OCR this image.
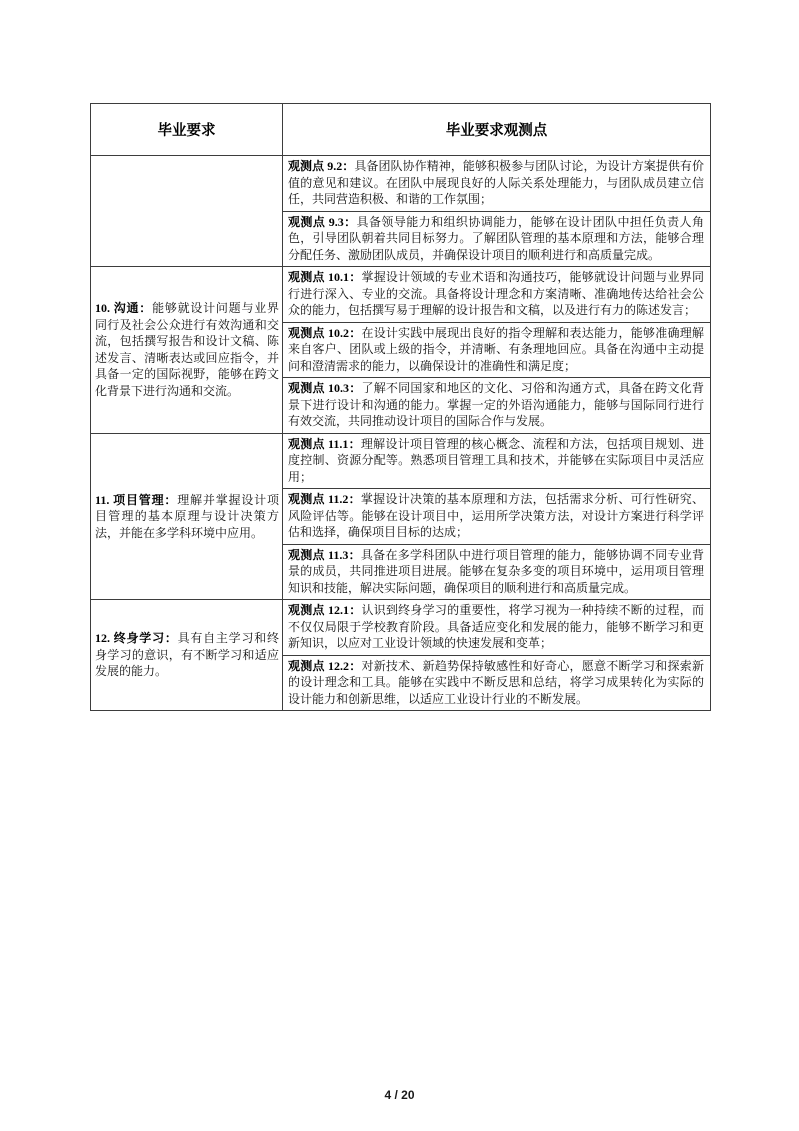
毕业要求	毕业要求观测点
	观测点 9.2：具备团队协作精神，能够积极参与团队讨论，为设计方案提供有价值的意见和建议。在团队中展现良好的人际关系处理能力，与团队成员建立信任，共同营造积极、和谐的工作氛围；
	观测点 9.3：具备领导能力和组织协调能力，能够在设计团队中担任负责人角色，引导团队朝着共同目标努力。了解团队管理的基本原理和方法，能够合理分配任务、激励团队成员，并确保设计项目的顺利进行和高质量完成。
10. 沟通：能够就设计问题与业界同行及社会公众进行有效沟通和交流，包括撰写报告和设计文稿、陈述发言、清晰表达或回应指令，并具备一定的国际视野，能够在跨文化背景下进行沟通和交流。	观测点 10.1：掌握设计领域的专业术语和沟通技巧，能够就设计问题与业界同行进行深入、专业的交流。具备将设计理念和方案清晰、准确地传达给社会公众的能力，包括撰写易于理解的设计报告和文稿，以及进行有力的陈述发言；
	观测点 10.2：在设计实践中展现出良好的指令理解和表达能力，能够准确理解来自客户、团队或上级的指令，并清晰、有条理地回应。具备在沟通中主动提问和澄清需求的能力，以确保设计的准确性和满足度；
	观测点 10.3：了解不同国家和地区的文化、习俗和沟通方式，具备在跨文化背景下进行设计和沟通的能力。掌握一定的外语沟通能力，能够与国际同行进行有效交流，共同推动设计项目的国际合作与发展。
11. 项目管理：理解并掌握设计项目管理的基本原理与设计决策方法，并能在多学科环境中应用。	观测点 11.1：理解设计项目管理的核心概念、流程和方法，包括项目规划、进度控制、资源分配等。熟悉项目管理工具和技术，并能够在实际项目中灵活应用；
	观测点 11.2：掌握设计决策的基本原理和方法，包括需求分析、可行性研究、风险评估等。能够在设计项目中，运用所学决策方法，对设计方案进行科学评估和选择，确保项目目标的达成；
	观测点 11.3：具备在多学科团队中进行项目管理的能力，能够协调不同专业背景的成员，共同推进项目进展。能够在复杂多变的项目环境中，运用项目管理知识和技能，解决实际问题，确保项目的顺利进行和高质量完成。
12. 终身学习：具有自主学习和终身学习的意识，有不断学习和适应发展的能力。	观测点 12.1：认识到终身学习的重要性，将学习视为一种持续不断的过程，而不仅仅局限于学校教育阶段。具备适应变化和发展的能力，能够不断学习和更新知识，以应对工业设计领域的快速发展和变革；
	观测点 12.2：对新技术、新趋势保持敏感性和好奇心，愿意不断学习和探索新的设计理念和工具。能够在实践中不断反思和总结，将学习成果转化为实际的设计能力和创新思维，以适应工业设计行业的不断发展。
4 / 20
